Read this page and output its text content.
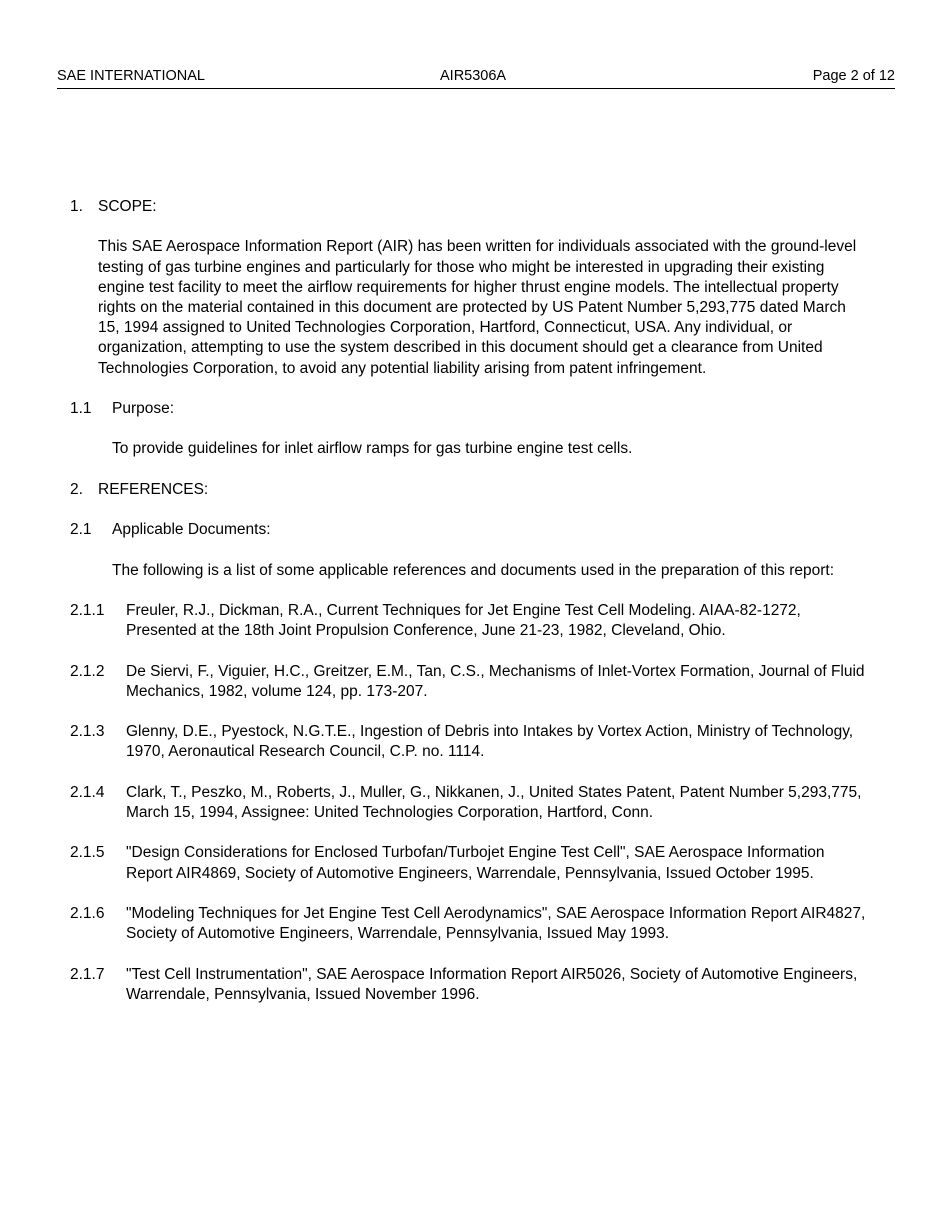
SAE INTERNATIONAL	AIR5306A	Page 2 of 12
1. SCOPE:
This SAE Aerospace Information Report (AIR) has been written for individuals associated with the ground-level testing of gas turbine engines and particularly for those who might be interested in upgrading their existing engine test facility to meet the airflow requirements for higher thrust engine models. The intellectual property rights on the material contained in this document are protected by US Patent Number 5,293,775 dated March 15, 1994 assigned to United Technologies Corporation, Hartford, Connecticut, USA. Any individual, or organization, attempting to use the system described in this document should get a clearance from United Technologies Corporation, to avoid any potential liability arising from patent infringement.
1.1	Purpose:
To provide guidelines for inlet airflow ramps for gas turbine engine test cells.
2. REFERENCES:
2.1	Applicable Documents:
The following is a list of some applicable references and documents used in the preparation of this report:
2.1.1	Freuler, R.J., Dickman, R.A., Current Techniques for Jet Engine Test Cell Modeling. AIAA-82-1272, Presented at the 18th Joint Propulsion Conference, June 21-23, 1982, Cleveland, Ohio.
2.1.2	De Siervi, F., Viguier, H.C., Greitzer, E.M., Tan, C.S., Mechanisms of Inlet-Vortex Formation, Journal of Fluid Mechanics, 1982, volume 124, pp. 173-207.
2.1.3	Glenny, D.E., Pyestock, N.G.T.E., Ingestion of Debris into Intakes by Vortex Action, Ministry of Technology, 1970, Aeronautical Research Council, C.P. no. 1114.
2.1.4	Clark, T., Peszko, M., Roberts, J., Muller, G., Nikkanen, J., United States Patent, Patent Number 5,293,775, March 15, 1994, Assignee: United Technologies Corporation, Hartford, Conn.
2.1.5	"Design Considerations for Enclosed Turbofan/Turbojet Engine Test Cell", SAE Aerospace Information Report AIR4869, Society of Automotive Engineers, Warrendale, Pennsylvania, Issued October 1995.
2.1.6	"Modeling Techniques for Jet Engine Test Cell Aerodynamics", SAE Aerospace Information Report AIR4827, Society of Automotive Engineers, Warrendale, Pennsylvania, Issued May 1993.
2.1.7	"Test Cell Instrumentation", SAE Aerospace Information Report AIR5026, Society of Automotive Engineers, Warrendale, Pennsylvania, Issued November 1996.
